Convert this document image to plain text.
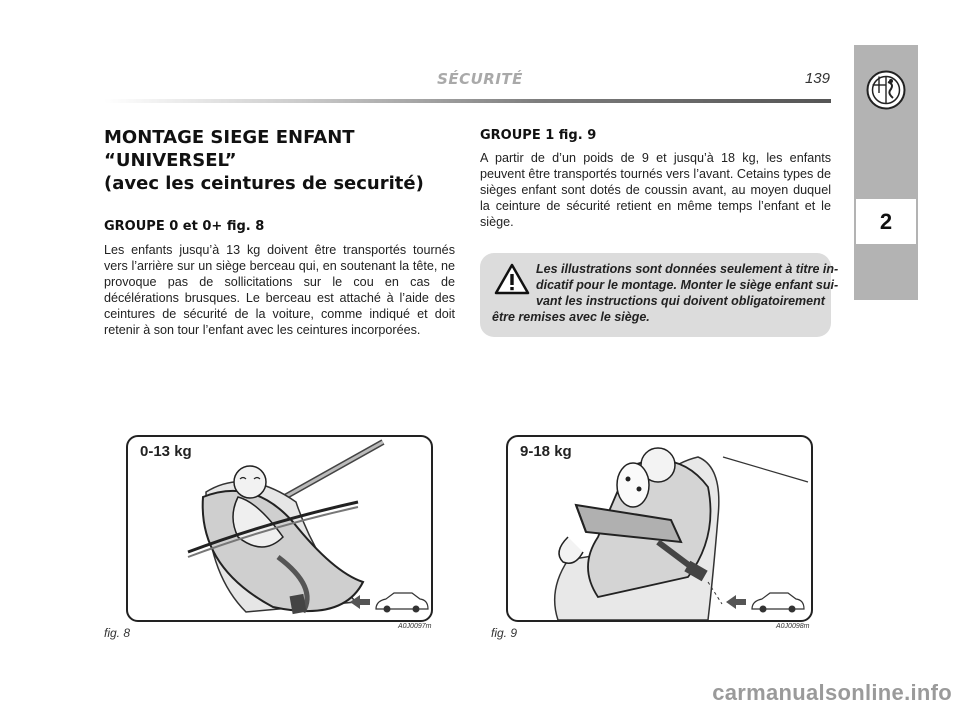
SÉCURITÉ	139
2
MONTAGE SIEGE ENFANT
“UNIVERSEL”
(avec les ceintures de securité)
GROUPE 0 et 0+ fig. 8
Les enfants jusqu’à 13 kg doivent être transportés tournés vers l’arrière sur un siège berceau qui, en soutenant la tête, ne provoque pas de sollicitations sur le cou en cas de décélérations brusques. Le berceau est attaché à l’aide des ceintures de sécurité de la voiture, comme indiqué et doit retenir à son tour l’enfant avec les ceintures incorporées.
GROUPE 1 fig. 9
A partir de d’un poids de 9 et jusqu’à 18 kg, les enfants peuvent être transportés tournés vers l’avant. Cetains types de sièges enfant sont dotés de coussin avant, au moyen duquel la ceinture de sécurité retient en même temps l’enfant et le siège.
Les illustrations sont données seulement à titre in-
dicatif pour le montage. Monter le siège enfant sui-
vant les instructions qui doivent obligatoirement
être remises avec le siège.
0-13 kg
fig. 8	A0J0097m
9-18 kg
fig. 9	A0J0098m
carmanualsonline.info
